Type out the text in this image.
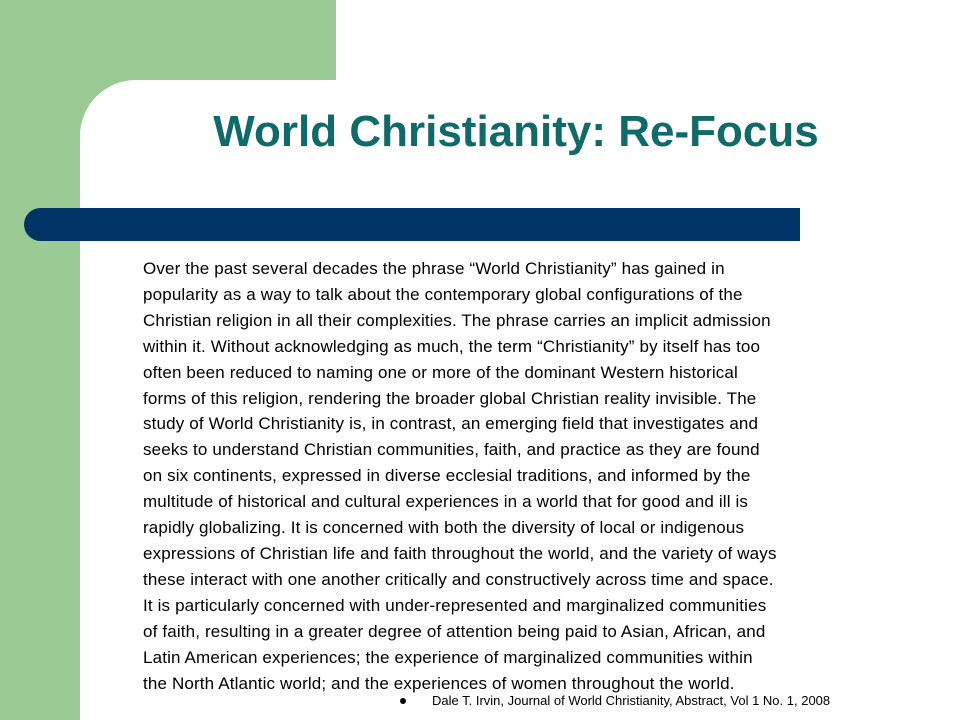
World Christianity: Re-Focus
Over the past several decades the phrase “World Christianity” has gained in
popularity as a way to talk about the contemporary global configurations of the
Christian religion in all their complexities. The phrase carries an implicit admission
within it. Without acknowledging as much, the term “Christianity” by itself has too
often been reduced to naming one or more of the dominant Western historical
forms of this religion, rendering the broader global Christian reality invisible. The
study of World Christianity is, in contrast, an emerging field that investigates and
seeks to understand Christian communities, faith, and practice as they are found
on six continents, expressed in diverse ecclesial traditions, and informed by the
multitude of historical and cultural experiences in a world that for good and ill is
rapidly globalizing. It is concerned with both the diversity of local or indigenous
expressions of Christian life and faith throughout the world, and the variety of ways
these interact with one another critically and constructively across time and space.
It is particularly concerned with under-represented and marginalized communities
of faith, resulting in a greater degree of attention being paid to Asian, African, and
Latin American experiences; the experience of marginalized communities within
the North Atlantic world; and the experiences of women throughout the world.
Dale T. Irvin, Journal of World Christianity, Abstract, Vol 1 No. 1, 2008
